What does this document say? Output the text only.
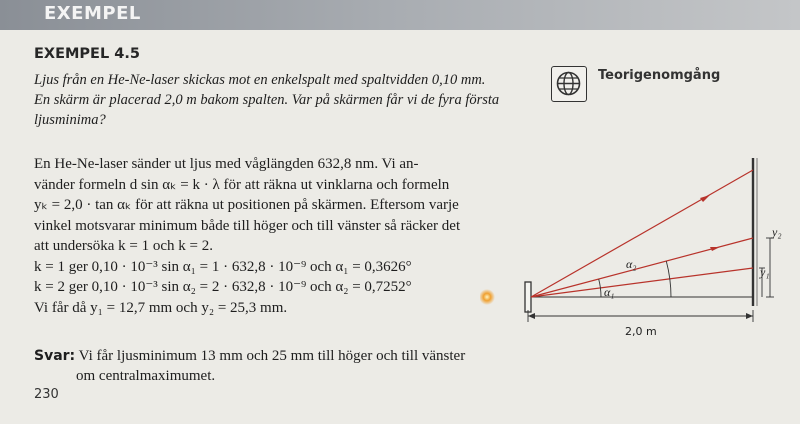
EXEMPEL
EXEMPEL 4.5
Ljus från en He-Ne-laser skickas mot en enkelspalt med spaltvidden 0,10 mm.
En skärm är placerad 2,0 m bakom spalten. Var på skärmen får vi de fyra första
ljusminima?
Teorigenomgång

En He-Ne-laser sänder ut ljus med våglängden 632,8 nm. Vi an-

vänder formeln d sin αₖ = k · λ för att räkna ut vinklarna och formeln

yₖ = 2,0 · tan αₖ för att räkna ut positionen på skärmen. Eftersom varje

vinkel motsvarar minimum både till höger och till vänster så räcker det

att undersöka k = 1 och k = 2.

k = 1 ger 0,10 · 10⁻³ sin α₁ = 1 · 632,8 · 10⁻⁹ och α₁ = 0,3626°

k = 2 ger 0,10 · 10⁻³ sin α₂ = 2 · 632,8 · 10⁻⁹ och α₂ = 0,7252°

Vi får då y₁ = 12,7 mm och y₂ = 25,3 mm.

Svar: Vi får ljusminimum 13 mm och 25 mm till höger och till vänster
om centralmaximumet.
230
α₁
α₂
y₂
y₁
2,0 m
